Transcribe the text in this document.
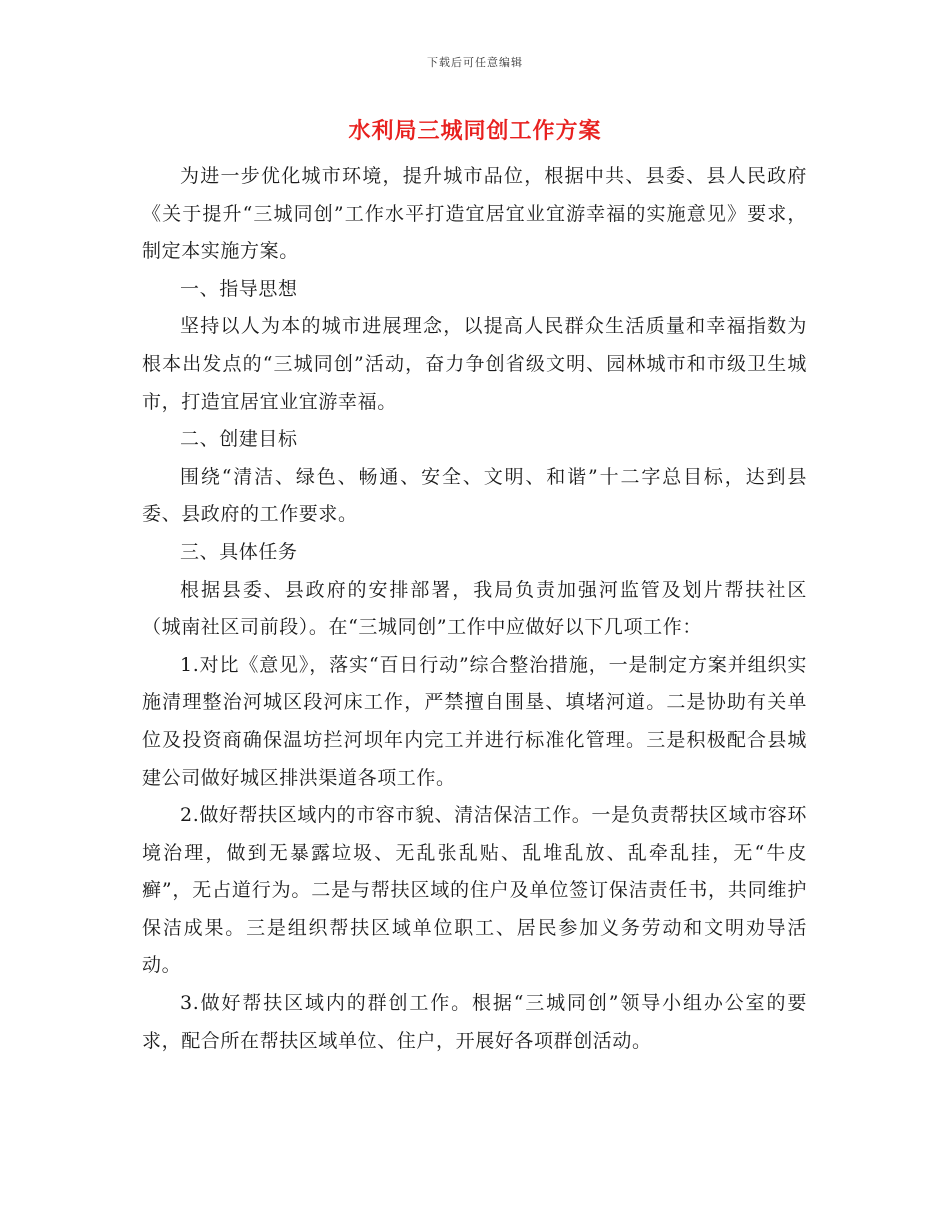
下载后可任意编辑
水利局三城同创工作方案

为进一步优化城市环境，提升城市品位，根据中共、县委、县人民政府《关于提升“三城同创”工作水平打造宜居宜业宜游幸福的实施意见》要求，制定本实施方案。

一、指导思想

坚持以人为本的城市进展理念，以提高人民群众生活质量和幸福指数为根本出发点的“三城同创”活动，奋力争创省级文明、园林城市和市级卫生城市，打造宜居宜业宜游幸福。

二、创建目标

围绕“清洁、绿色、畅通、安全、文明、和谐”十二字总目标，达到县委、县政府的工作要求。

三、具体任务

根据县委、县政府的安排部署，我局负责加强河监管及划片帮扶社区（城南社区司前段）。在“三城同创”工作中应做好以下几项工作：

1.对比《意见》，落实“百日行动”综合整治措施，一是制定方案并组织实施清理整治河城区段河床工作，严禁擅自围垦、填堵河道。二是协助有关单位及投资商确保温坊拦河坝年内完工并进行标准化管理。三是积极配合县城建公司做好城区排洪渠道各项工作。

2.做好帮扶区域内的市容市貌、清洁保洁工作。一是负责帮扶区域市容环境治理，做到无暴露垃圾、无乱张乱贴、乱堆乱放、乱牵乱挂，无“牛皮癣”，无占道行为。二是与帮扶区域的住户及单位签订保洁责任书，共同维护保洁成果。三是组织帮扶区域单位职工、居民参加义务劳动和文明劝导活动。

3.做好帮扶区域内的群创工作。根据“三城同创”领导小组办公室的要求，配合所在帮扶区域单位、住户，开展好各项群创活动。
